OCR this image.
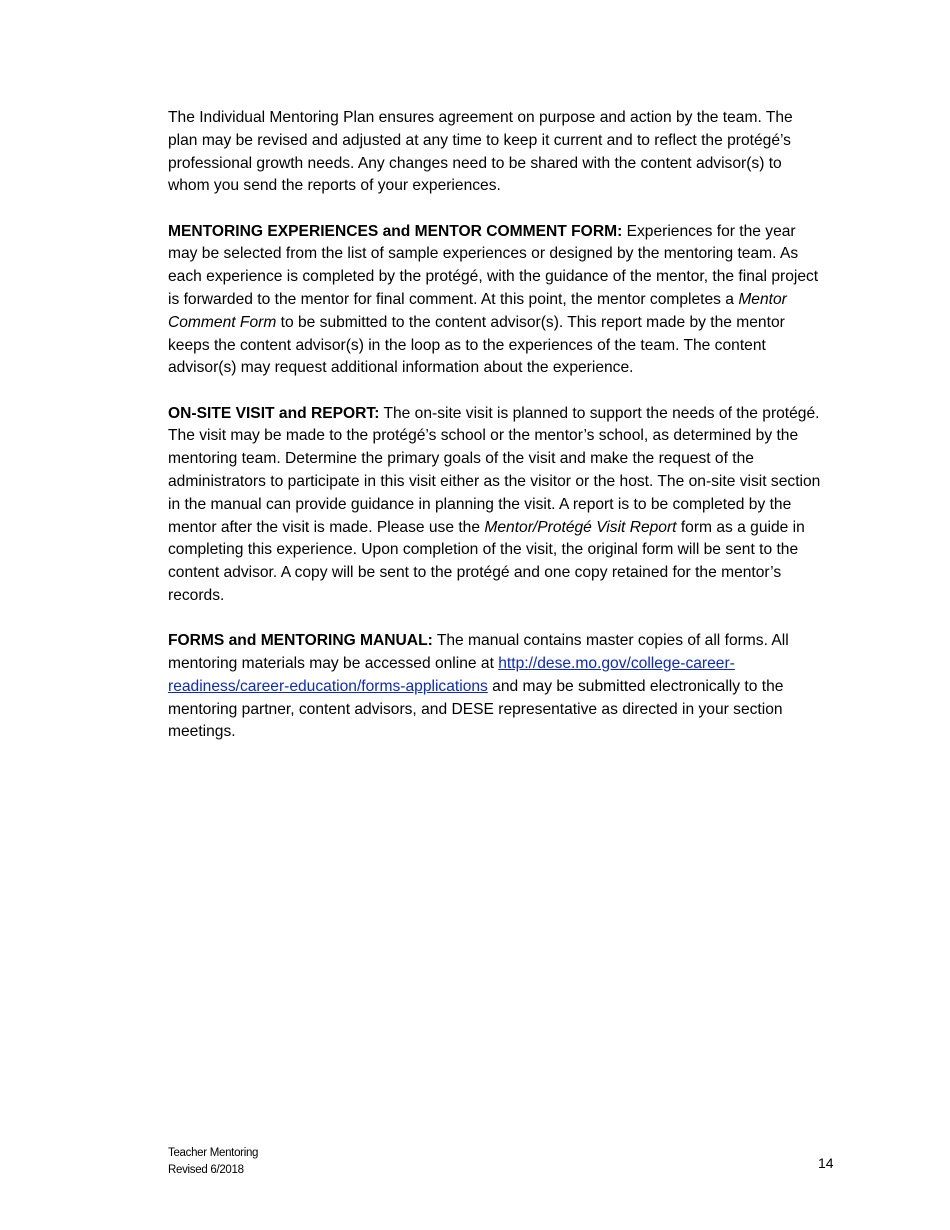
The Individual Mentoring Plan ensures agreement on purpose and action by the team. The plan may be revised and adjusted at any time to keep it current and to reflect the protégé’s professional growth needs. Any changes need to be shared with the content advisor(s) to whom you send the reports of your experiences.

MENTORING EXPERIENCES and MENTOR COMMENT FORM: Experiences for the year may be selected from the list of sample experiences or designed by the mentoring team. As each experience is completed by the protégé, with the guidance of the mentor, the final project is forwarded to the mentor for final comment. At this point, the mentor completes a Mentor Comment Form to be submitted to the content advisor(s). This report made by the mentor keeps the content advisor(s) in the loop as to the experiences of the team. The content advisor(s) may request additional information about the experience.

ON-SITE VISIT and REPORT: The on-site visit is planned to support the needs of the protégé. The visit may be made to the protégé’s school or the mentor’s school, as determined by the mentoring team. Determine the primary goals of the visit and make the request of the administrators to participate in this visit either as the visitor or the host. The on-site visit section in the manual can provide guidance in planning the visit. A report is to be completed by the mentor after the visit is made. Please use the Mentor/Protégé Visit Report form as a guide in completing this experience. Upon completion of the visit, the original form will be sent to the content advisor. A copy will be sent to the protégé and one copy retained for the mentor’s records.

FORMS and MENTORING MANUAL: The manual contains master copies of all forms. All mentoring materials may be accessed online at http://dese.mo.gov/college-career-readiness/career-education/forms-applications and may be submitted electronically to the mentoring partner, content advisors, and DESE representative as directed in your section meetings.

Teacher Mentoring
Revised 6/2018	14
